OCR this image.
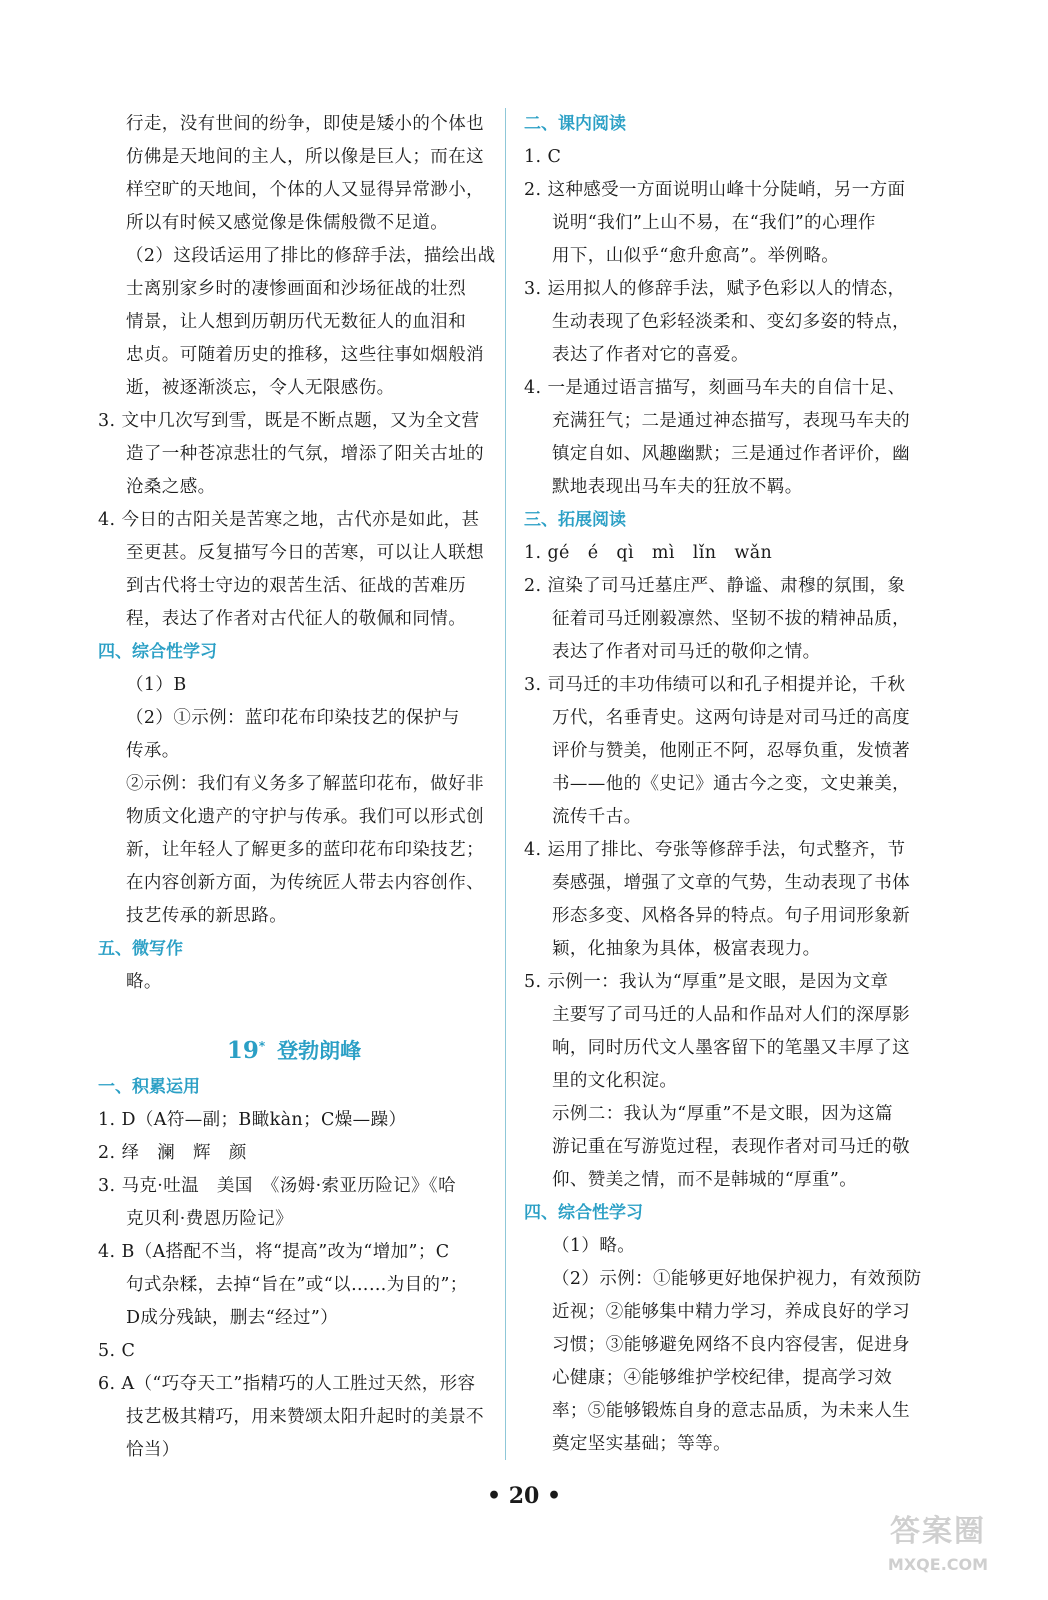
行走，没有世间的纷争，即使是矮小的个体也
仿佛是天地间的主人，所以像是巨人；而在这
样空旷的天地间，个体的人又显得异常渺小，
所以有时候又感觉像是侏儒般微不足道。
（2）这段话运用了排比的修辞手法，描绘出战
士离别家乡时的凄惨画面和沙场征战的壮烈
情景，让人想到历朝历代无数征人的血泪和
忠贞。可随着历史的推移，这些往事如烟般消
逝，被逐渐淡忘，令人无限感伤。
3. 文中几次写到雪，既是不断点题，又为全文营
造了一种苍凉悲壮的气氛，增添了阳关古址的
沧桑之感。
4. 今日的古阳关是苦寒之地，古代亦是如此，甚
至更甚。反复描写今日的苦寒，可以让人联想
到古代将士守边的艰苦生活、征战的苦难历
程，表达了作者对古代征人的敬佩和同情。
四、综合性学习
（1）B
（2）①示例：蓝印花布印染技艺的保护与
传承。
②示例：我们有义务多了解蓝印花布，做好非
物质文化遗产的守护与传承。我们可以形式创
新，让年轻人了解更多的蓝印花布印染技艺；
在内容创新方面，为传统匠人带去内容创作、
技艺传承的新思路。
五、微写作
略。
19* 登勃朗峰
一、积累运用
1. D（A符—副；B瞰kàn；C燥—躁）
2. 绎　澜　辉　颜
3. 马克·吐温　美国　《汤姆·索亚历险记》《哈
克贝利·费恩历险记》
4. B（A搭配不当，将“提高”改为“增加”；C
句式杂糅，去掉“旨在”或“以……为目的”；
D成分残缺，删去“经过”）
5. C
6. A（“巧夺天工”指精巧的人工胜过天然，形容
技艺极其精巧，用来赞颂太阳升起时的美景不
恰当）
二、课内阅读
1. C
2. 这种感受一方面说明山峰十分陡峭，另一方面
说明“我们”上山不易，在“我们”的心理作
用下，山似乎“愈升愈高”。举例略。
3. 运用拟人的修辞手法，赋予色彩以人的情态，
生动表现了色彩轻淡柔和、变幻多姿的特点，
表达了作者对它的喜爱。
4. 一是通过语言描写，刻画马车夫的自信十足、
充满狂气；二是通过神态描写，表现马车夫的
镇定自如、风趣幽默；三是通过作者评价，幽
默地表现出马车夫的狂放不羁。
三、拓展阅读
1. gé　é　qì　mì　lǐn　wǎn
2. 渲染了司马迁墓庄严、静谧、肃穆的氛围，象
征着司马迁刚毅凛然、坚韧不拔的精神品质，
表达了作者对司马迁的敬仰之情。
3. 司马迁的丰功伟绩可以和孔子相提并论，千秋
万代，名垂青史。这两句诗是对司马迁的高度
评价与赞美，他刚正不阿，忍辱负重，发愤著
书——他的《史记》通古今之变，文史兼美，
流传千古。
4. 运用了排比、夸张等修辞手法，句式整齐，节
奏感强，增强了文章的气势，生动表现了书体
形态多变、风格各异的特点。句子用词形象新
颖，化抽象为具体，极富表现力。
5. 示例一：我认为“厚重”是文眼，是因为文章
主要写了司马迁的人品和作品对人们的深厚影
响，同时历代文人墨客留下的笔墨又丰厚了这
里的文化积淀。
示例二：我认为“厚重”不是文眼，因为这篇
游记重在写游览过程，表现作者对司马迁的敬
仰、赞美之情，而不是韩城的“厚重”。
四、综合性学习
（1）略。
（2）示例：①能够更好地保护视力，有效预防
近视；②能够集中精力学习，养成良好的学习
习惯；③能够避免网络不良内容侵害，促进身
心健康；④能够维护学校纪律，提高学习效
率；⑤能够锻炼自身的意志品质，为未来人生
奠定坚实基础；等等。
• 20 •
答案圈
MXQE.COM
